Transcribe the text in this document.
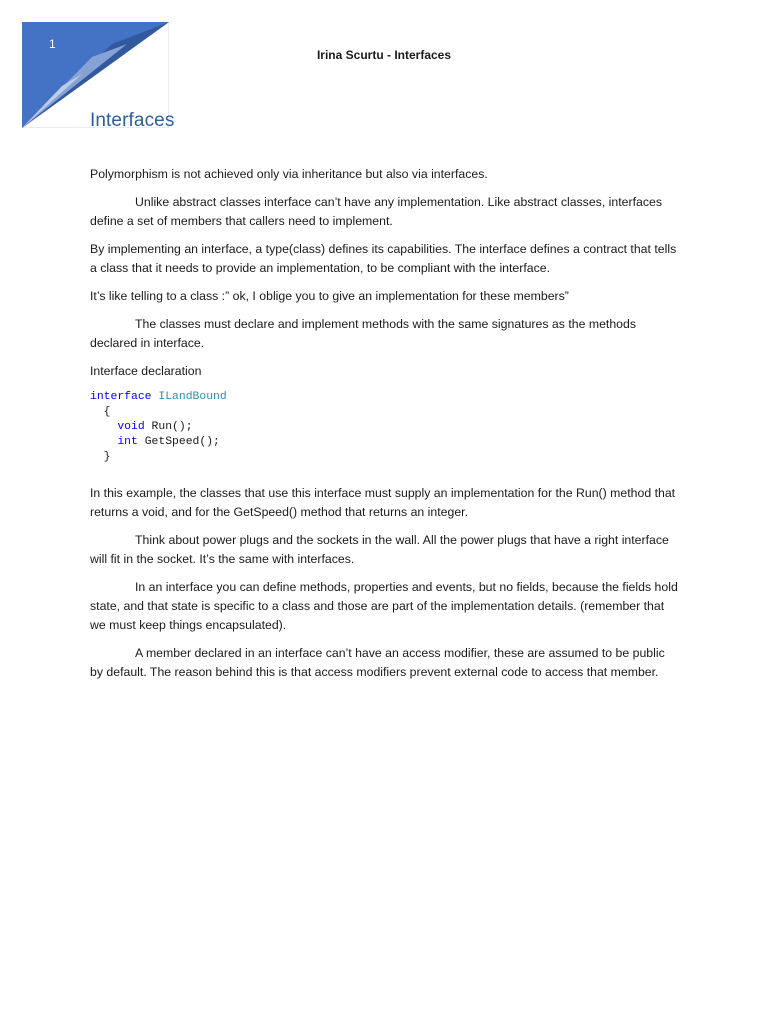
1
Irina Scurtu - Interfaces
Interfaces

Polymorphism is not achieved only via inheritance but also via interfaces.

Unlike abstract classes interface can’t have any implementation. Like abstract classes, interfaces define a set of members that callers need to implement.

By implementing an interface, a type(class) defines its capabilities. The interface defines a contract that tells a class that it needs to provide an implementation, to be compliant with the interface.

It’s like telling to a class :” ok, I oblige you to give an implementation for these members”

The classes must declare and implement methods with the same signatures as the methods declared in interface.

Interface declaration

interface ILandBound
{
void Run();
int GetSpeed();
}

In this example, the classes that use this interface must supply an implementation for the Run() method that returns a void, and for the GetSpeed() method that returns an integer.

Think about power plugs and the sockets in the wall. All the power plugs that have a right interface will fit in the socket. It’s the same with interfaces.

In an interface you can define methods, properties and events, but no fields, because the fields hold state, and that state is specific to a class and those are part of the implementation details. (remember that we must keep things encapsulated).

A member declared in an interface can’t have an access modifier, these are assumed to be public by default. The reason behind this is that access modifiers prevent external code to access that member.
